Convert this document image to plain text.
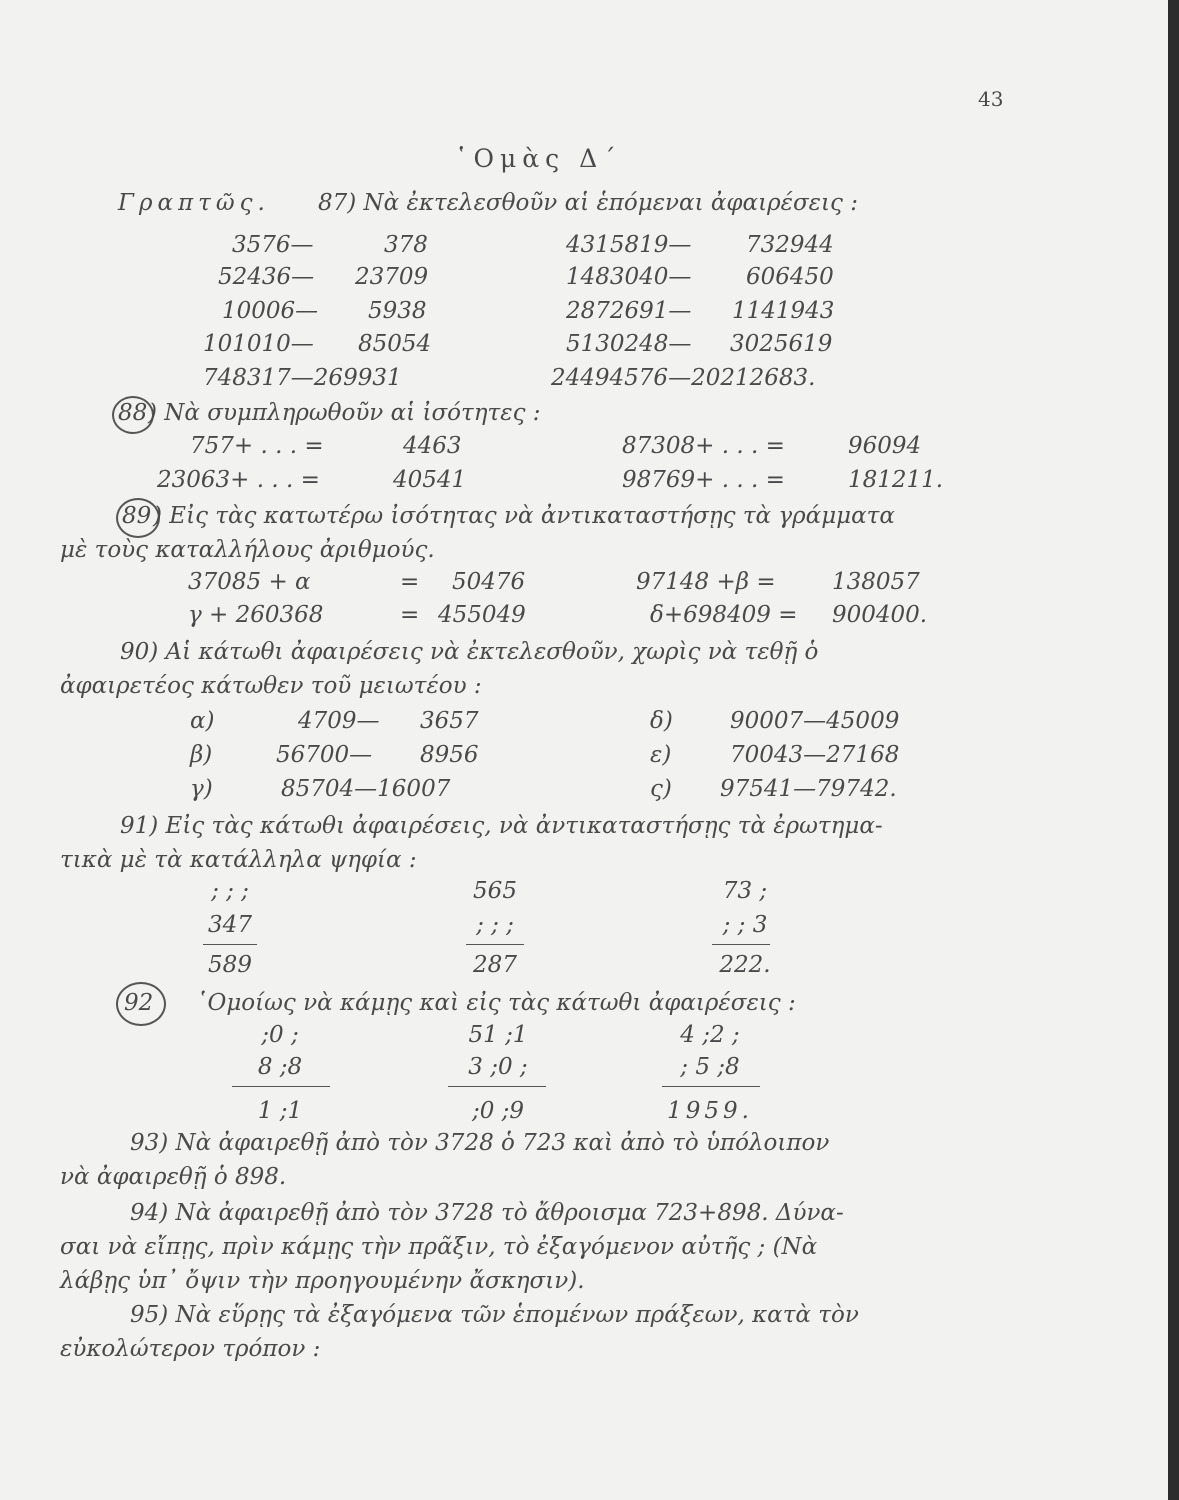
43
῾Ομὰς Δ΄
Γραπτῶς. 87) Νὰ ἐκτελεσθοῦν αἱ ἑπόμεναι ἀφαιρέσεις :
3576—	378	4315819— 732944
52436— 23709	1483040— 606450
10006— 5938	2872691— 1141943
101010— 85054	5130248— 3025619
748317—269931	24494576—20212683.
88 ) Νὰ συμπληρωθοῦν αἱ ἰσότητες :
757+ . . . =	4463	87308+ . . . =	96094
23063+ . . . =	40541	98769+ . . . =	181211.
89 ) Εἰς τὰς κατωτέρω ἰσότητας νὰ ἀντικαταστήσῃς τὰ γράμματα
μὲ τοὺς καταλλήλους ἀριθμούς.
37085 + α	= 50476	97148 +β = 138057
γ + 260368	= 455049	δ+698409 = 900400.
90) Αἱ κάτωθι ἀφαιρέσεις νὰ ἐκτελεσθοῦν, χωρὶς νὰ τεθῇ ὁ
ἀφαιρετέος κάτωθεν τοῦ μειωτέου :
α)	4709— 3657	δ) 90007—45009
β)	56700— 8956	ε)	70043—27168
γ)	85704—16007	ς) 97541—79742.
91) Εἰς τὰς κάτωθι ἀφαιρέσεις, νὰ ἀντικαταστήσῃς τὰ ἐρωτημα-
τικὰ μὲ τὰ κατάλληλα ψηφία :
; ; ;
347
589
565
; ; ;
287
73 ;
; ; 3
222.
92 ῾Ομοίως νὰ κάμῃς καὶ εἰς τὰς κάτωθι ἀφαιρέσεις :
;0 ;
8 ;8
1 ;1
51 ;1
3 ;0 ;
;0 ;9
4 ;2 ;
; 5 ;8
1959.
93) Νὰ ἀφαιρεθῇ ἀπὸ τὸν 3728 ὁ 723 καὶ ἀπὸ τὸ ὑπόλοιπον
νὰ ἀφαιρεθῇ ὁ 898.
94) Νὰ ἀφαιρεθῇ ἀπὸ τὸν 3728 τὸ ἄθροισμα 723+898. Δύνα-
σαι νὰ εἴπῃς, πρὶν κάμῃς τὴν πρᾶξιν, τὸ ἐξαγόμενον αὐτῆς ; (Νὰ
λάβῃς ὑπ᾿ ὄψιν τὴν προηγουμένην ἄσκησιν).
95) Νὰ εὕρῃς τὰ ἐξαγόμενα τῶν ἑπομένων πράξεων, κατὰ τὸν
εὐκολώτερον τρόπον :
